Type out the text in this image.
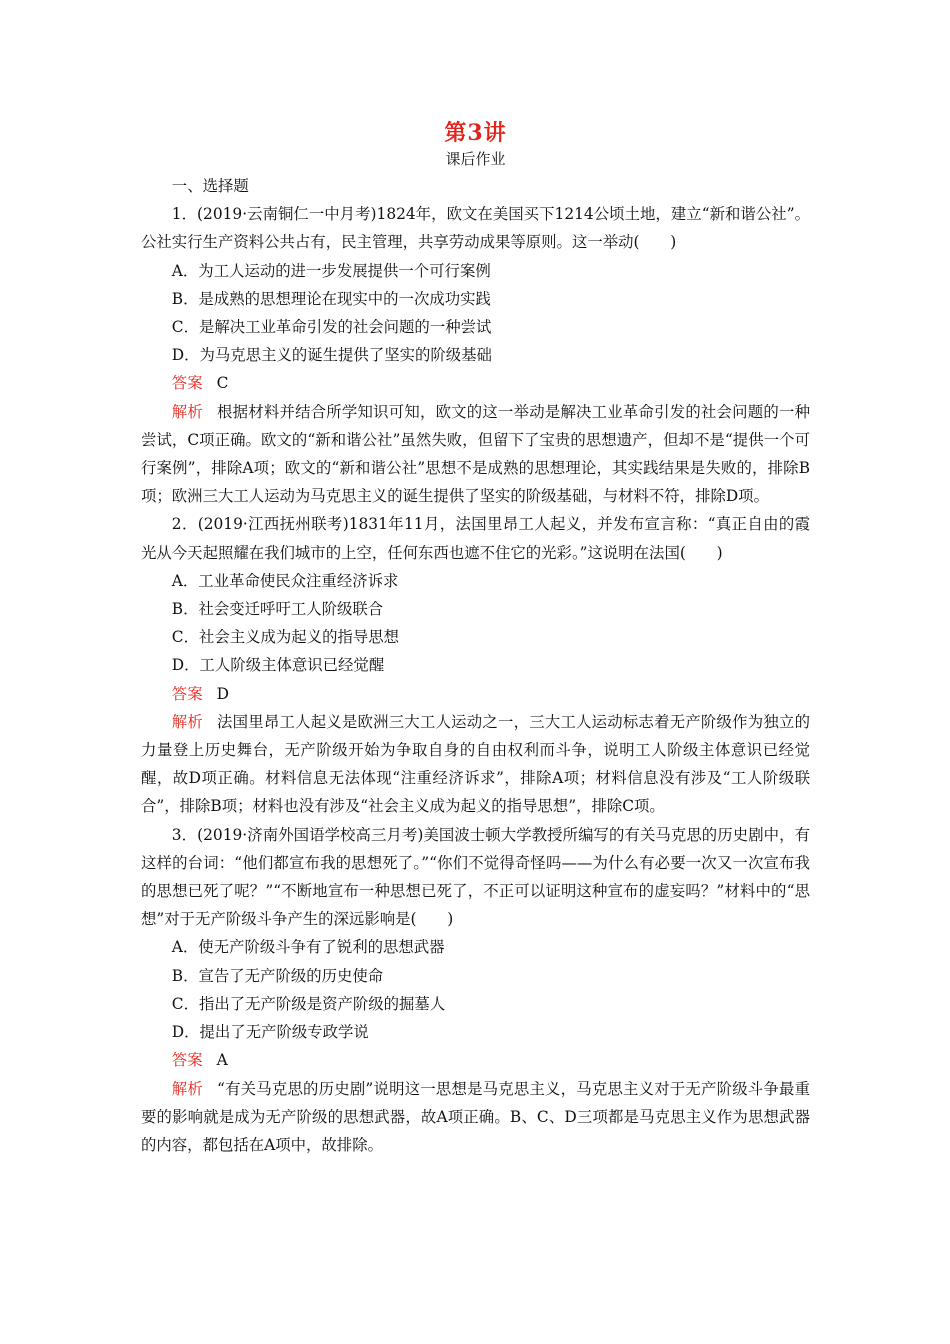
第3讲

课后作业

一、选择题

1．(2019·云南铜仁一中月考)1824年，欧文在美国买下1214公顷土地，建立“新和谐公社”。公社实行生产资料公共占有，民主管理，共享劳动成果等原则。这一举动(　　)

A．为工人运动的进一步发展提供一个可行案例

B．是成熟的思想理论在现实中的一次成功实践

C．是解决工业革命引发的社会问题的一种尝试

D．为马克思主义的诞生提供了坚实的阶级基础

答案 C

解析 根据材料并结合所学知识可知，欧文的这一举动是解决工业革命引发的社会问题的一种尝试，C项正确。欧文的“新和谐公社”虽然失败，但留下了宝贵的思想遗产，但却不是“提供一个可行案例”，排除A项；欧文的“新和谐公社”思想不是成熟的思想理论，其实践结果是失败的，排除B项；欧洲三大工人运动为马克思主义的诞生提供了坚实的阶级基础，与材料不符，排除D项。

2．(2019·江西抚州联考)1831年11月，法国里昂工人起义，并发布宣言称：“真正自由的霞光从今天起照耀在我们城市的上空，任何东西也遮不住它的光彩。”这说明在法国(　　)

A．工业革命使民众注重经济诉求

B．社会变迁呼吁工人阶级联合

C．社会主义成为起义的指导思想

D．工人阶级主体意识已经觉醒

答案 D

解析 法国里昂工人起义是欧洲三大工人运动之一，三大工人运动标志着无产阶级作为独立的力量登上历史舞台，无产阶级开始为争取自身的自由权利而斗争，说明工人阶级主体意识已经觉醒，故D项正确。材料信息无法体现“注重经济诉求”，排除A项；材料信息没有涉及“工人阶级联合”，排除B项；材料也没有涉及“社会主义成为起义的指导思想”，排除C项。

3．(2019·济南外国语学校高三月考)美国波士顿大学教授所编写的有关马克思的历史剧中，有这样的台词：“他们都宣布我的思想死了。”“你们不觉得奇怪吗——为什么有必要一次又一次宣布我的思想已死了呢？”“不断地宣布一种思想已死了，不正可以证明这种宣布的虚妄吗？”材料中的“思想”对于无产阶级斗争产生的深远影响是(　　)

A．使无产阶级斗争有了锐利的思想武器

B．宣告了无产阶级的历史使命

C．指出了无产阶级是资产阶级的掘墓人

D．提出了无产阶级专政学说

答案 A

解析 “有关马克思的历史剧”说明这一思想是马克思主义，马克思主义对于无产阶级斗争最重要的影响就是成为无产阶级的思想武器，故A项正确。B、C、D三项都是马克思主义作为思想武器的内容，都包括在A项中，故排除。
